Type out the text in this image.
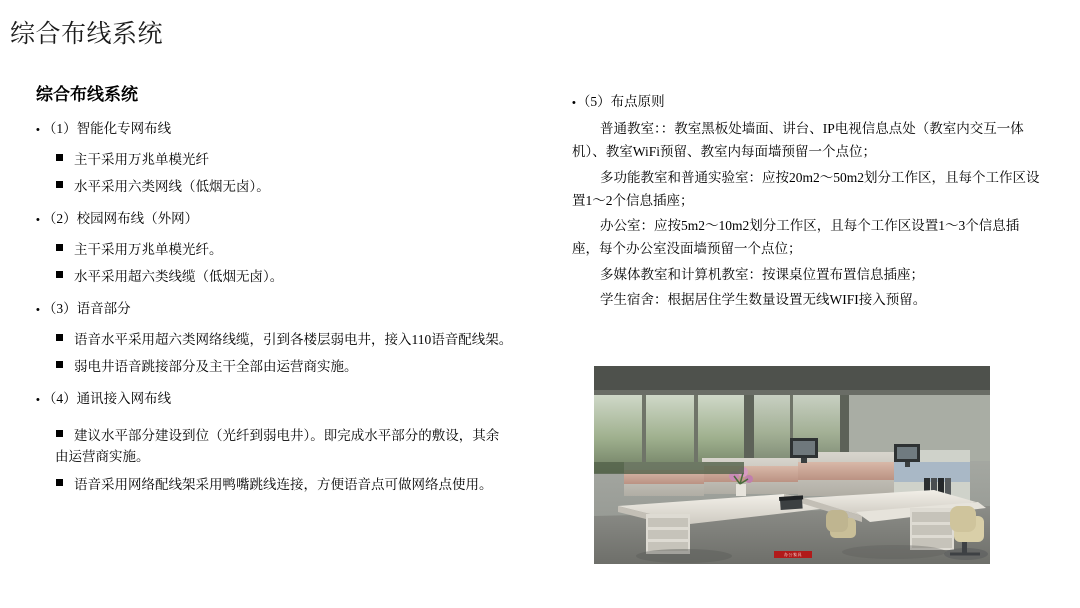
综合布线系统
综合布线系统
• （1）智能化专网布线
主干采用万兆单模光纤
水平采用六类网线（低烟无卤）。
• （2）校园网布线（外网）
主干采用万兆单模光纤。
水平采用超六类线缆（低烟无卤）。
• （3）语音部分
语音水平采用超六类网络线缆，引到各楼层弱电井，接入110语音配线架。
弱电井语音跳接部分及主干全部由运营商实施。
• （4）通讯接入网布线
建议水平部分建设到位（光纤到弱电井）。即完成水平部分的敷设，其余
由运营商实施。
语音采用网络配线架采用鸭嘴跳线连接，方便语音点可做网络点使用。
•（5）布点原则
普通教室：：教室黑板处墙面、讲台、IP电视信息点处（教室内交互一体机）、教室WiFi预留、教室内每面墙预留一个点位；
多功能教室和普通实验室：应按20m2～50m2划分工作区，且每个工作区设置1～2个信息插座；
办公室：应按5m2～10m2划分工作区，且每个工作区设置1～3个信息插座，每个办公室没面墙预留一个点位；
多媒体教室和计算机教室：按课桌位置布置信息插座；
学生宿舍：根据居住学生数量设置无线WIFI接入预留。
办公家具
